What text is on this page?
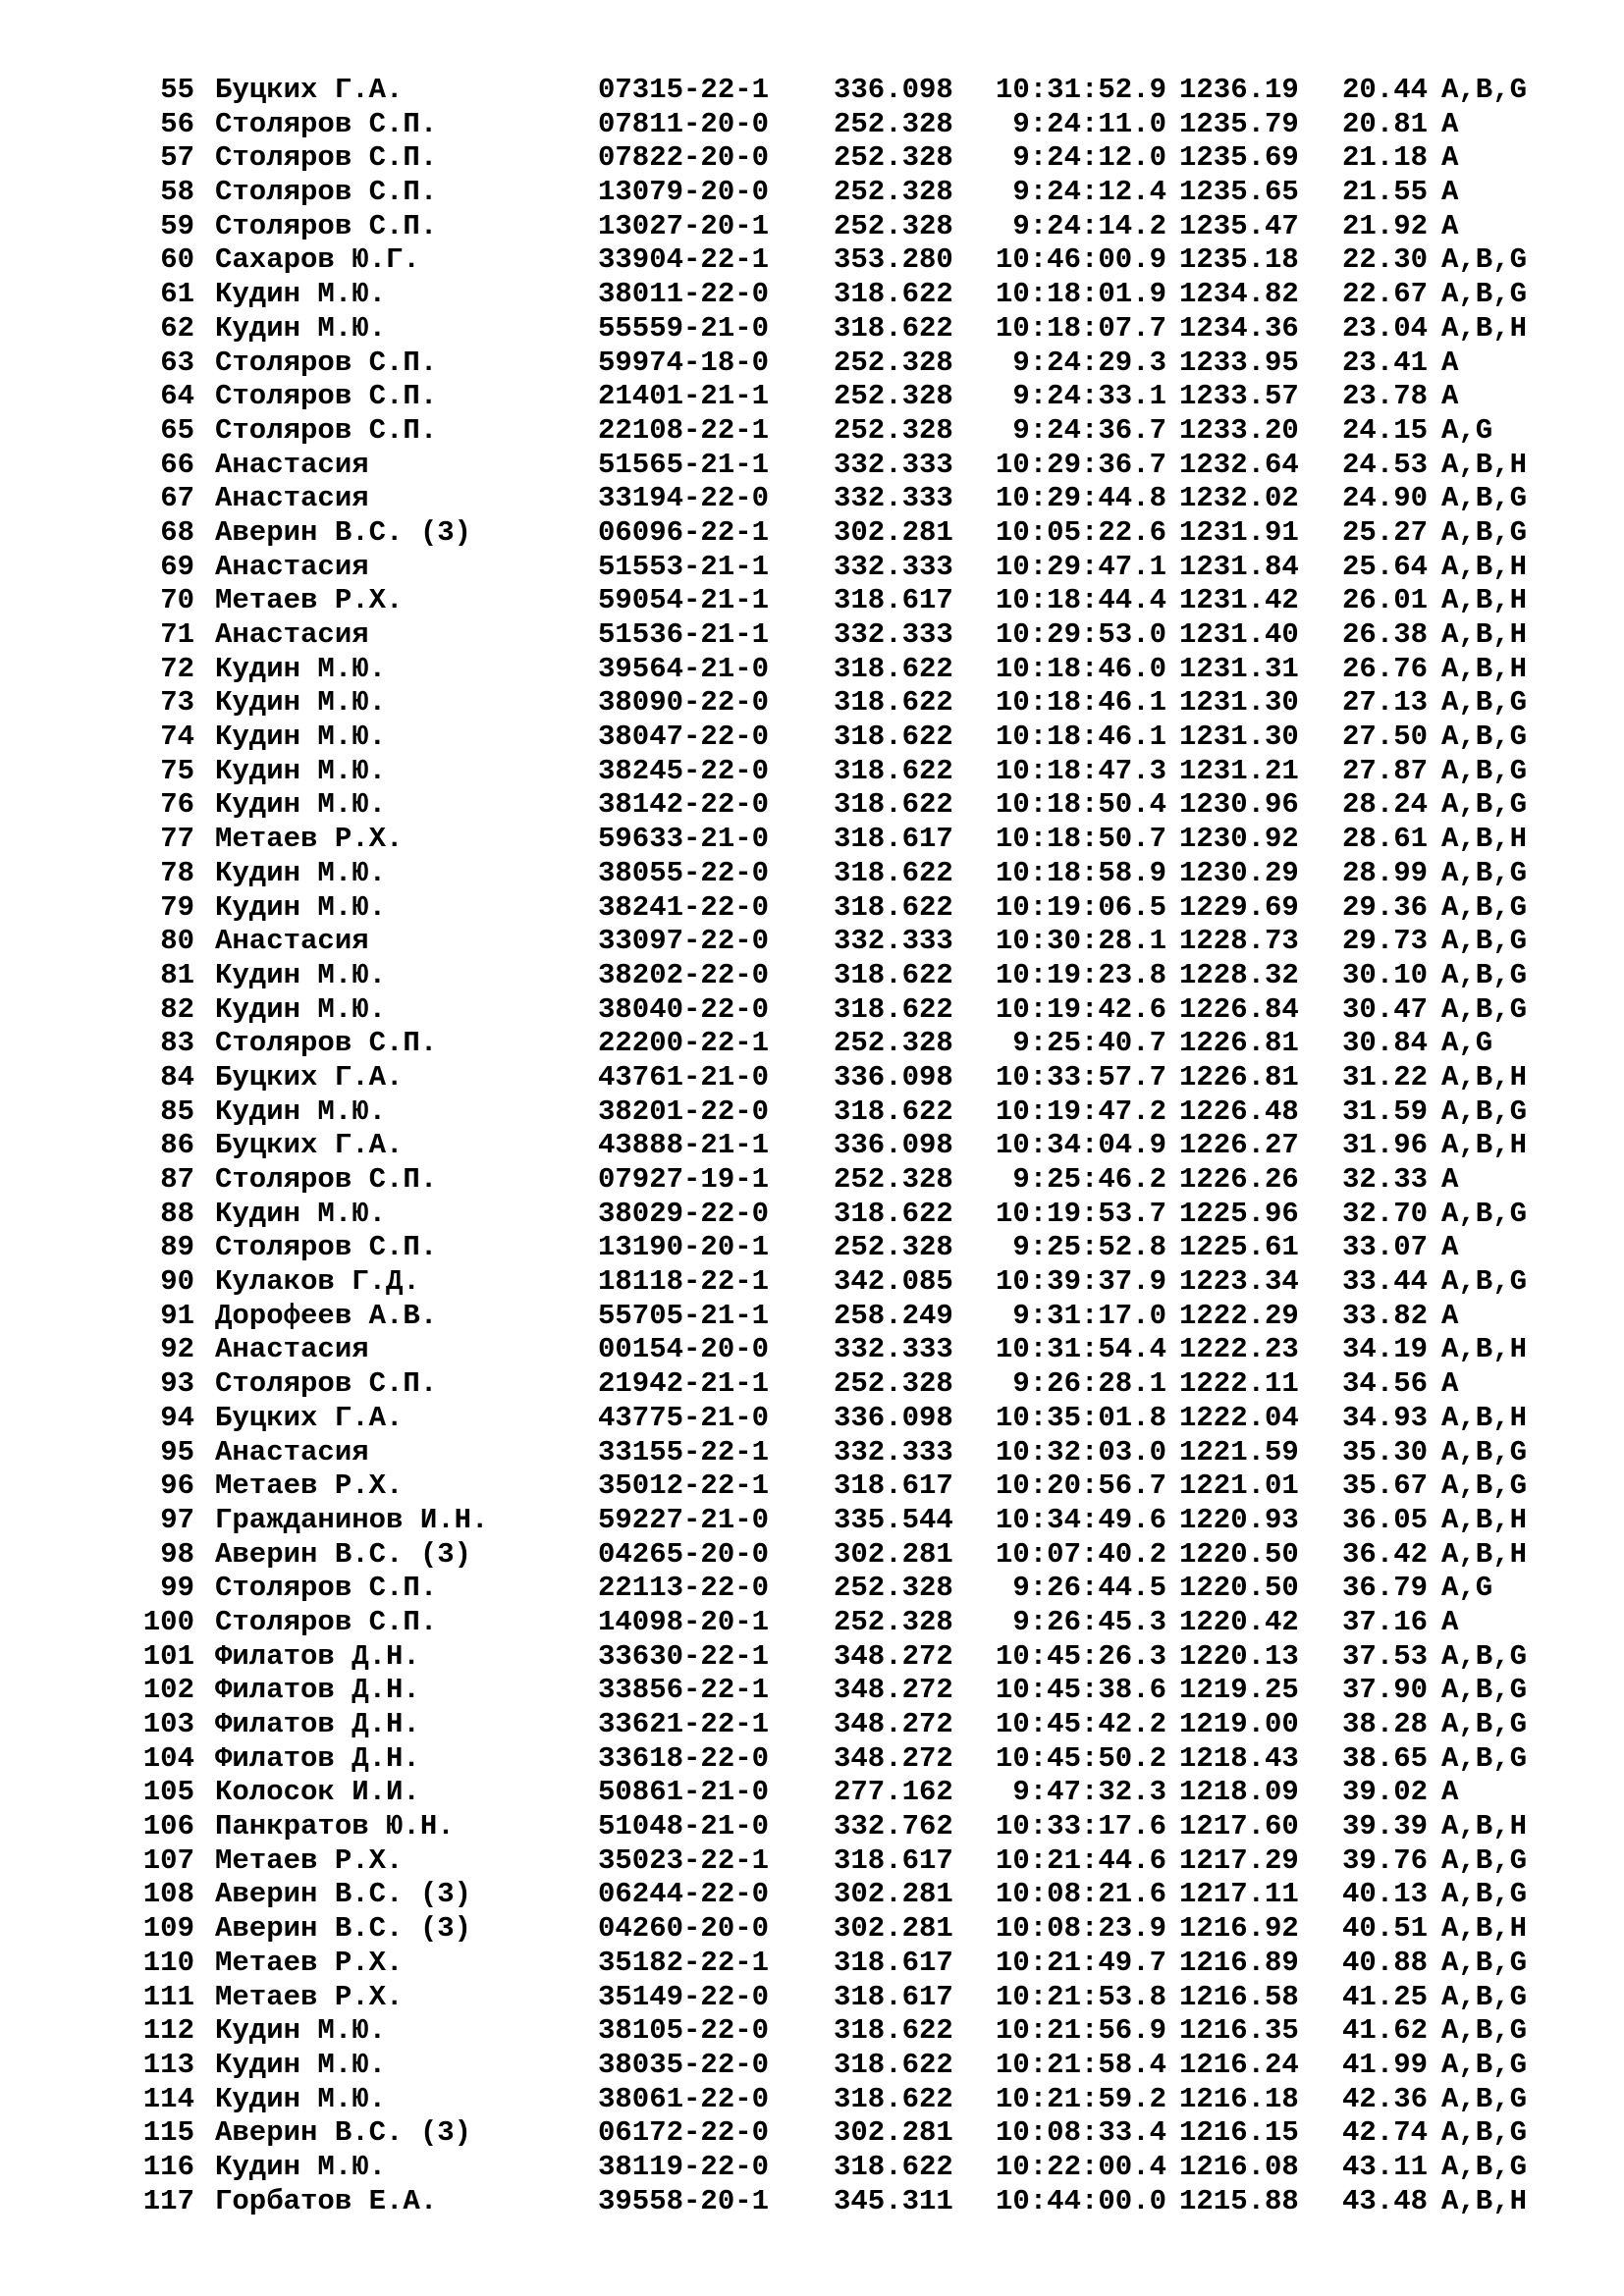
55 Буцких Г.А.	07315-22-1 336.098	10:31:52.9 1236.19 20.44 A,B,G
56 Столяров С.П.	07811-20-0 252.328	9:24:11.0 1235.79 20.81 A
57 Столяров С.П.	07822-20-0 252.328	9:24:12.0 1235.69 21.18 A
58 Столяров С.П.	13079-20-0 252.328	9:24:12.4 1235.65 21.55 A
59 Столяров С.П.	13027-20-1 252.328	9:24:14.2 1235.47 21.92 A
60 Сахаров Ю.Г.	33904-22-1 353.280	10:46:00.9 1235.18 22.30 A,B,G
61 Кудин М.Ю.	38011-22-0 318.622	10:18:01.9 1234.82 22.67 A,B,G
62 Кудин М.Ю.	55559-21-0 318.622	10:18:07.7 1234.36 23.04 A,B,H
63 Столяров С.П.	59974-18-0 252.328	9:24:29.3 1233.95 23.41 A
64 Столяров С.П.	21401-21-1 252.328	9:24:33.1 1233.57 23.78 A
65 Столяров С.П.	22108-22-1 252.328	9:24:36.7 1233.20 24.15 A,G
66 Анастасия	51565-21-1 332.333	10:29:36.7 1232.64 24.53 A,B,H
67 Анастасия	33194-22-0 332.333	10:29:44.8 1232.02 24.90 A,B,G
68 Аверин В.С. (3)	06096-22-1 302.281	10:05:22.6 1231.91 25.27 A,B,G
69 Анастасия	51553-21-1 332.333	10:29:47.1 1231.84 25.64 A,B,H
70 Метаев Р.Х.	59054-21-1 318.617	10:18:44.4 1231.42 26.01 A,B,H
71 Анастасия	51536-21-1 332.333	10:29:53.0 1231.40 26.38 A,B,H
72 Кудин М.Ю.	39564-21-0 318.622	10:18:46.0 1231.31 26.76 A,B,H
73 Кудин М.Ю.	38090-22-0 318.622	10:18:46.1 1231.30 27.13 A,B,G
74 Кудин М.Ю.	38047-22-0 318.622	10:18:46.1 1231.30 27.50 A,B,G
75 Кудин М.Ю.	38245-22-0 318.622	10:18:47.3 1231.21 27.87 A,B,G
76 Кудин М.Ю.	38142-22-0 318.622	10:18:50.4 1230.96 28.24 A,B,G
77 Метаев Р.Х.	59633-21-0 318.617	10:18:50.7 1230.92 28.61 A,B,H
78 Кудин М.Ю.	38055-22-0 318.622	10:18:58.9 1230.29 28.99 A,B,G
79 Кудин М.Ю.	38241-22-0 318.622	10:19:06.5 1229.69 29.36 A,B,G
80 Анастасия	33097-22-0 332.333	10:30:28.1 1228.73 29.73 A,B,G
81 Кудин М.Ю.	38202-22-0 318.622	10:19:23.8 1228.32 30.10 A,B,G
82 Кудин М.Ю.	38040-22-0 318.622	10:19:42.6 1226.84 30.47 A,B,G
83 Столяров С.П.	22200-22-1 252.328	9:25:40.7 1226.81 30.84 A,G
84 Буцких Г.А.	43761-21-0 336.098	10:33:57.7 1226.81 31.22 A,B,H
85 Кудин М.Ю.	38201-22-0 318.622	10:19:47.2 1226.48 31.59 A,B,G
86 Буцких Г.А.	43888-21-1 336.098	10:34:04.9 1226.27 31.96 A,B,H
87 Столяров С.П.	07927-19-1 252.328	9:25:46.2 1226.26 32.33 A
88 Кудин М.Ю.	38029-22-0 318.622	10:19:53.7 1225.96 32.70 A,B,G
89 Столяров С.П.	13190-20-1 252.328	9:25:52.8 1225.61 33.07 A
90 Кулаков Г.Д.	18118-22-1 342.085	10:39:37.9 1223.34 33.44 A,B,G
91 Дорофеев А.В.	55705-21-1 258.249	9:31:17.0 1222.29 33.82 A
92 Анастасия	00154-20-0 332.333	10:31:54.4 1222.23 34.19 A,B,H
93 Столяров С.П.	21942-21-1 252.328	9:26:28.1 1222.11 34.56 A
94 Буцких Г.А.	43775-21-0 336.098	10:35:01.8 1222.04 34.93 A,B,H
95 Анастасия	33155-22-1 332.333	10:32:03.0 1221.59 35.30 A,B,G
96 Метаев Р.Х.	35012-22-1 318.617	10:20:56.7 1221.01 35.67 A,B,G
97 Гражданинов И.Н.	59227-21-0 335.544	10:34:49.6 1220.93 36.05 A,B,H
98 Аверин В.С. (3)	04265-20-0 302.281	10:07:40.2 1220.50 36.42 A,B,H
99 Столяров С.П.	22113-22-0 252.328	9:26:44.5 1220.50 36.79 A,G
100 Столяров С.П.	14098-20-1 252.328	9:26:45.3 1220.42 37.16 A
101 Филатов Д.Н.	33630-22-1 348.272	10:45:26.3 1220.13 37.53 A,B,G
102 Филатов Д.Н.	33856-22-1 348.272	10:45:38.6 1219.25 37.90 A,B,G
103 Филатов Д.Н.	33621-22-1 348.272	10:45:42.2 1219.00 38.28 A,B,G
104 Филатов Д.Н.	33618-22-0 348.272	10:45:50.2 1218.43 38.65 A,B,G
105 Колосок И.И.	50861-21-0 277.162	9:47:32.3 1218.09 39.02 A
106 Панкратов Ю.Н.	51048-21-0 332.762	10:33:17.6 1217.60 39.39 A,B,H
107 Метаев Р.Х.	35023-22-1 318.617	10:21:44.6 1217.29 39.76 A,B,G
108 Аверин В.С. (3)	06244-22-0 302.281	10:08:21.6 1217.11 40.13 A,B,G
109 Аверин В.С. (3)	04260-20-0 302.281	10:08:23.9 1216.92 40.51 A,B,H
110 Метаев Р.Х.	35182-22-1 318.617	10:21:49.7 1216.89 40.88 A,B,G
111 Метаев Р.Х.	35149-22-0 318.617	10:21:53.8 1216.58 41.25 A,B,G
112 Кудин М.Ю.	38105-22-0 318.622	10:21:56.9 1216.35 41.62 A,B,G
113 Кудин М.Ю.	38035-22-0 318.622	10:21:58.4 1216.24 41.99 A,B,G
114 Кудин М.Ю.	38061-22-0 318.622	10:21:59.2 1216.18 42.36 A,B,G
115 Аверин В.С. (3)	06172-22-0 302.281	10:08:33.4 1216.15 42.74 A,B,G
116 Кудин М.Ю.	38119-22-0 318.622	10:22:00.4 1216.08 43.11 A,B,G
117 Горбатов Е.А.	39558-20-1 345.311	10:44:00.0 1215.88 43.48 A,B,H
